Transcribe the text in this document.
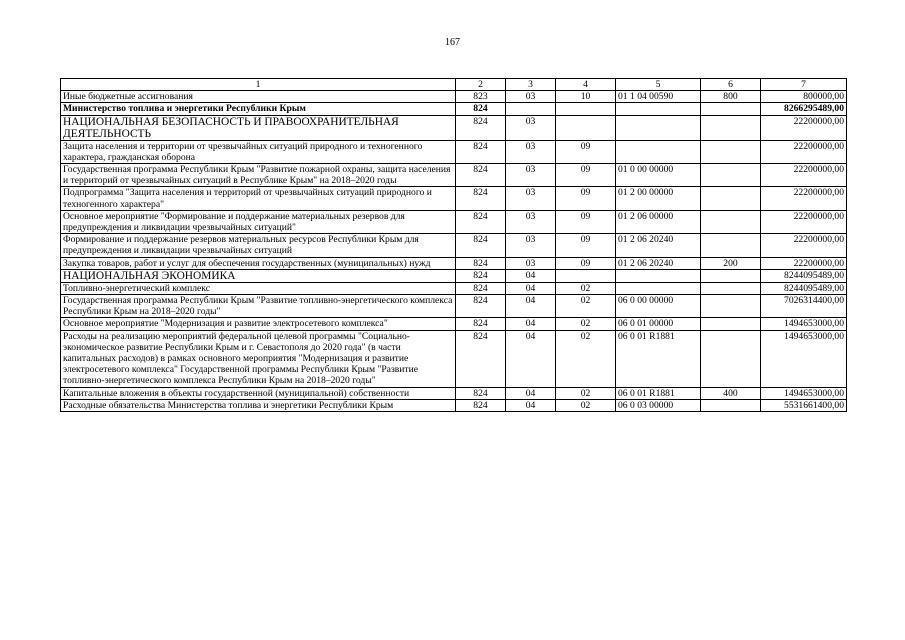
167
1	2	3	4	5	6	7
Иные бюджетные ассигнования	823	03	10	01 1 04 00590	800	800000,00
Министерство топлива и энергетики Республики Крым	824					8266295489,00
НАЦИОНАЛЬНАЯ БЕЗОПАСНОСТЬ И ПРАВООХРАНИТЕЛЬНАЯ ДЕЯТЕЛЬНОСТЬ	824	03				22200000,00
Защита населения и территории от чрезвычайных ситуаций природного и техногенного характера, гражданская оборона	824	03	09			22200000,00
Государственная программа Республики Крым "Развитие пожарной охраны, защита населения и территорий от чрезвычайных ситуаций в Республике Крым" на 2018–2020 годы	824	03	09	01 0 00 00000		22200000,00
Подпрограмма "Защита населения и территорий от чрезвычайных ситуаций природного и техногенного характера"	824	03	09	01 2 00 00000		22200000,00
Основное мероприятие "Формирование и поддержание материальных резервов для предупреждения и ликвидации чрезвычайных ситуаций"	824	03	09	01 2 06 00000		22200000,00
Формирование и поддержание резервов материальных ресурсов Республики Крым для предупреждения и ликвидации чрезвычайных ситуаций	824	03	09	01 2 06 20240		22200000,00
Закупка товаров, работ и услуг для обеспечения государственных (муниципальных) нужд	824	03	09	01 2 06 20240	200	22200000,00
НАЦИОНАЛЬНАЯ ЭКОНОМИКА	824	04				8244095489,00
Топливно-энергетический комплекс	824	04	02			8244095489,00
Государственная программа Республики Крым "Развитие топливно-энергетического комплекса Республики Крым на 2018–2020 годы"	824	04	02	06 0 00 00000		7026314400,00
Основное мероприятие "Модернизация и развитие электросетевого комплекса"	824	04	02	06 0 01 00000		1494653000,00
Расходы на реализацию мероприятий федеральной целевой программы "Социально-экономическое развитие Республики Крым и г. Севастополя до 2020 года" (в части капитальных расходов) в рамках основного мероприятия "Модернизация и развитие электросетевого комплекса" Государственной программы Республики Крым "Развитие топливно-энергетического комплекса Республики Крым на 2018–2020 годы"	824	04	02	06 0 01 R1881		1494653000,00
Капитальные вложения в объекты государственной (муниципальной) собственности	824	04	02	06 0 01 R1881	400	1494653000,00
Расходные обязательства Министерства топлива и энергетики Республики Крым	824	04	02	06 0 03 00000		5531661400,00
